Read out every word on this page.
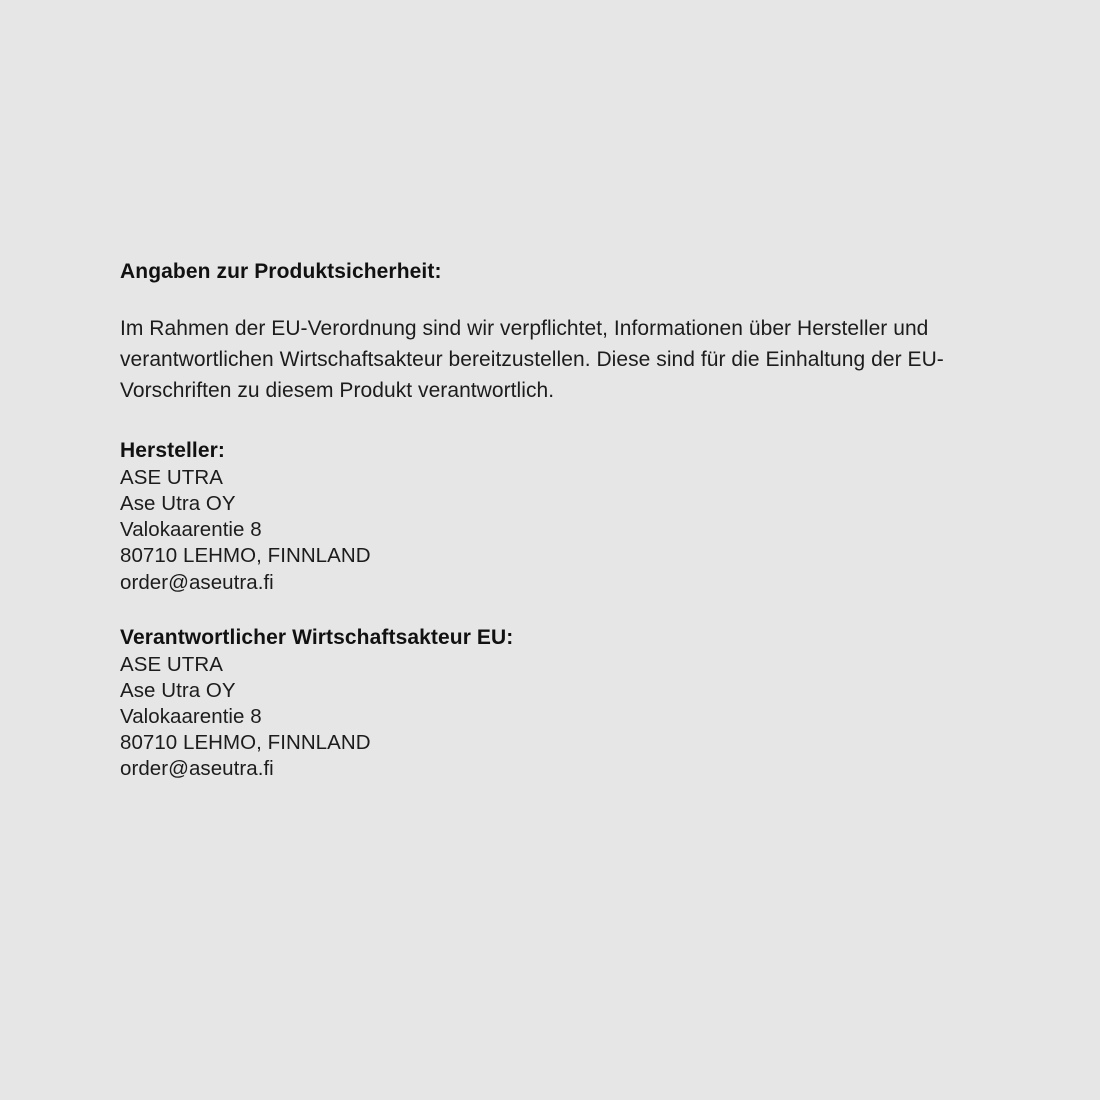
Angaben zur Produktsicherheit:

Im Rahmen der EU-Verordnung sind wir verpflichtet, Informationen über Hersteller und verantwortlichen Wirtschaftsakteur bereitzustellen. Diese sind für die Einhaltung der EU-Vorschriften zu diesem Produkt verantwortlich.

Hersteller:
ASE UTRA
Ase Utra OY
Valokaarentie 8
80710 LEHMO, FINNLAND
order@aseutra.fi
Verantwortlicher Wirtschaftsakteur EU:
ASE UTRA
Ase Utra OY
Valokaarentie 8
80710 LEHMO, FINNLAND
order@aseutra.fi
